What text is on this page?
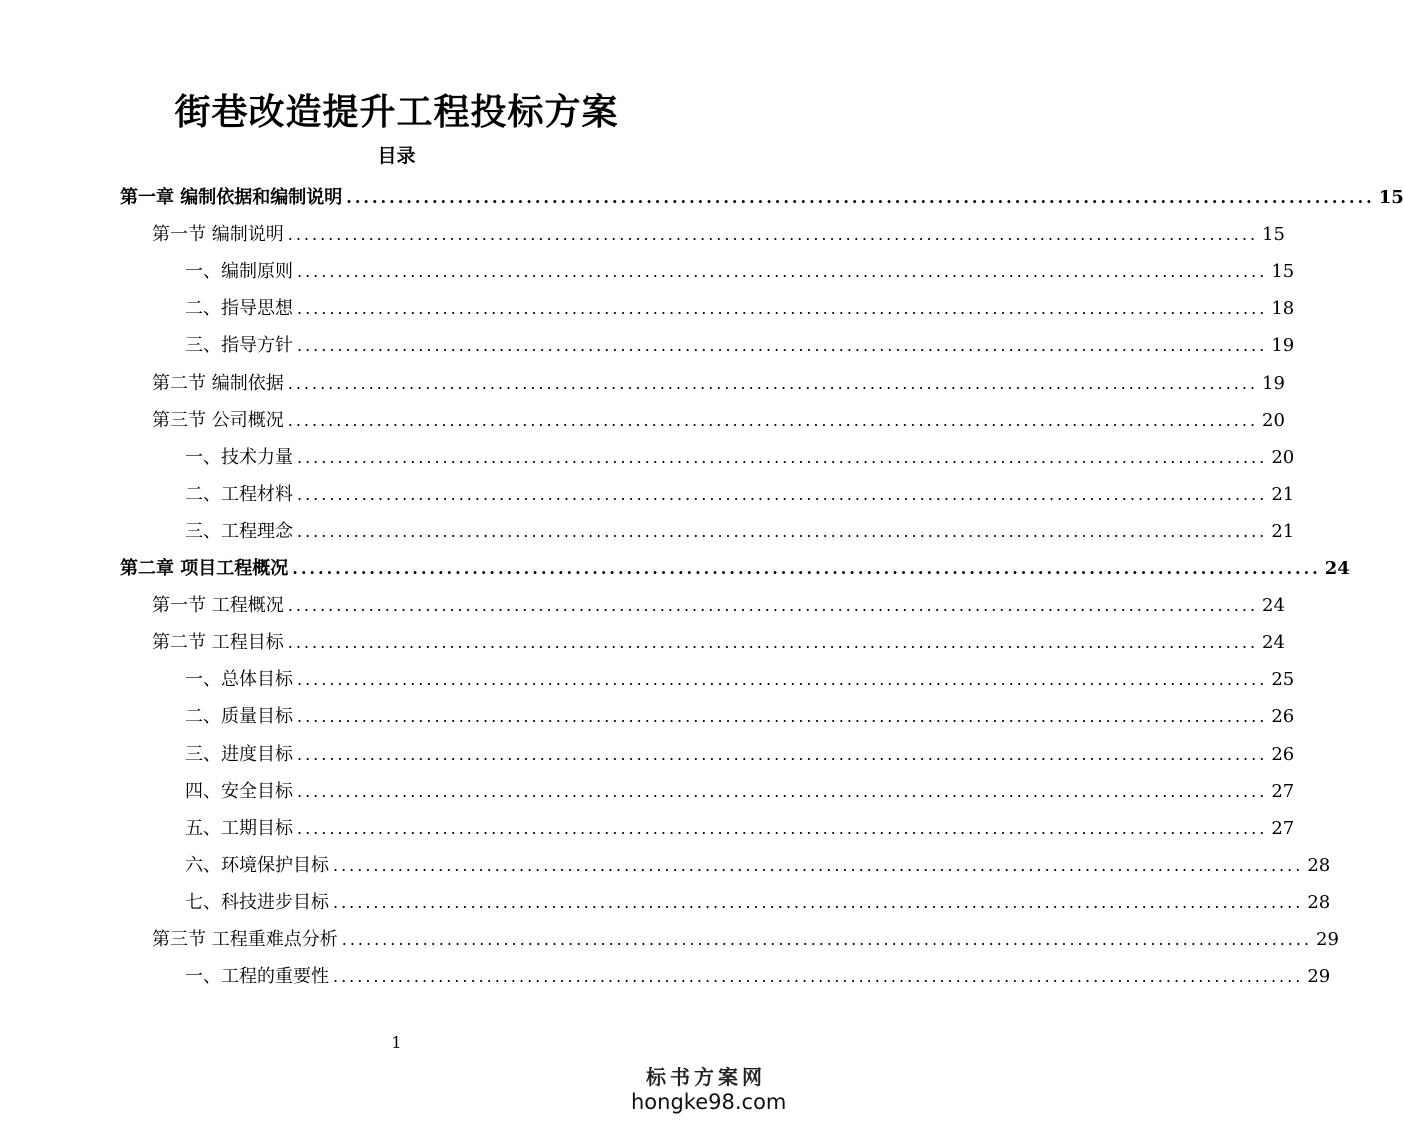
街巷改造提升工程投标方案
目录
第一章 编制依据和编制说明 ........................................................................................................................ 15
第一节 编制说明 ........................................................................................................................ 15
一、编制原则 ........................................................................................................................ 15
二、指导思想 ........................................................................................................................ 18
三、指导方针 ........................................................................................................................ 19
第二节 编制依据 ........................................................................................................................ 19
第三节 公司概况 ........................................................................................................................ 20
一、技术力量 ........................................................................................................................ 20
二、工程材料 ........................................................................................................................ 21
三、工程理念 ........................................................................................................................ 21
第二章 项目工程概况 ........................................................................................................................ 24
第一节 工程概况 ........................................................................................................................ 24
第二节 工程目标 ........................................................................................................................ 24
一、总体目标 ........................................................................................................................ 25
二、质量目标 ........................................................................................................................ 26
三、进度目标 ........................................................................................................................ 26
四、安全目标 ........................................................................................................................ 27
五、工期目标 ........................................................................................................................ 27
六、环境保护目标 ........................................................................................................................ 28
七、科技进步目标 ........................................................................................................................ 28
第三节 工程重难点分析 ........................................................................................................................ 29
一、工程的重要性 ........................................................................................................................ 29
1
标书方案网
hongke98.com
